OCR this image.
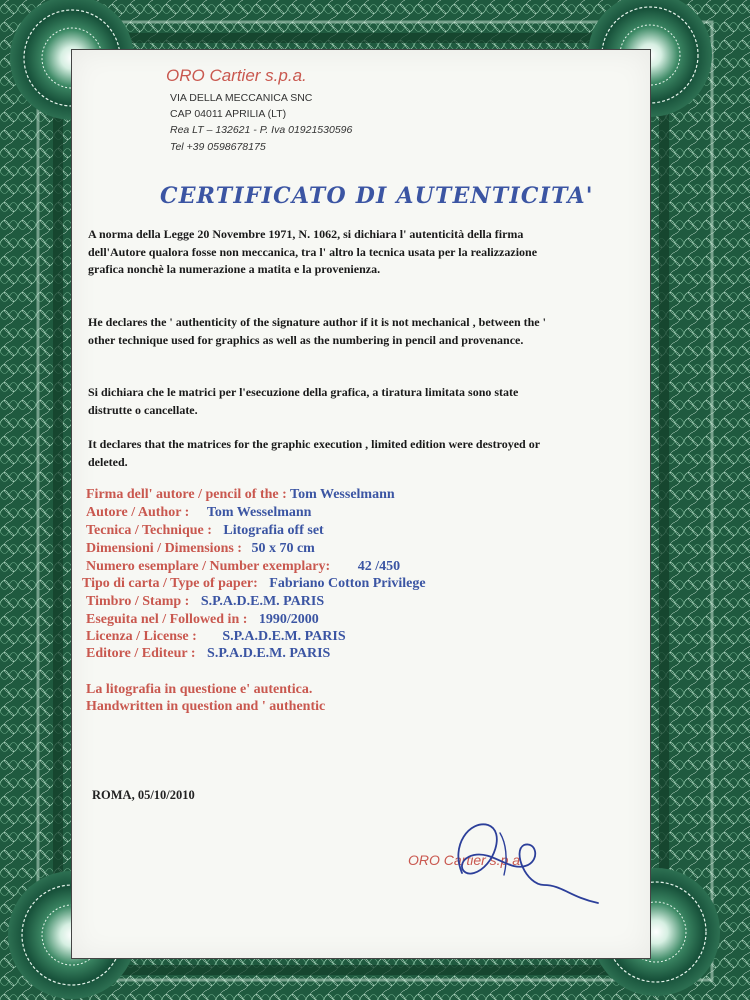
ORO Cartier s.p.a.

VIA DELLA MECCANICA SNC

CAP 04011 APRILIA (LT)

Rea LT – 132621 - P. Iva 01921530596

Tel +39 0598678175

CERTIFICATO DI AUTENTICITA'

A norma della Legge 20 Novembre 1971, N. 1062, si dichiara l' autenticità della firma dell'Autore qualora fosse non meccanica, tra l' altro la tecnica usata per la realizzazione grafica nonchè la numerazione a matita e la provenienza.

He declares the ' authenticity of the signature author if it is not mechanical , between the ' other technique used for graphics as well as the numbering in pencil and provenance.

Si dichiara che le matrici per l'esecuzione della grafica, a tiratura limitata sono state distrutte o cancellate.

It declares that the matrices for the graphic execution , limited edition were destroyed or deleted.

Firma dell' autore / pencil of the : Tom Wesselmann
Autore / Author : Tom Wesselmann
Tecnica / Technique : Litografia off set
Dimensioni / Dimensions : 50 x 70 cm
Numero esemplare / Number exemplary: 42 /450
Tipo di carta / Type of paper: Fabriano Cotton Privilege
Timbro / Stamp : S.P.A.D.E.M. PARIS
Eseguita nel / Followed in : 1990/2000
Licenza / License : S.P.A.D.E.M. PARIS
Editore / Editeur : S.P.A.D.E.M. PARIS

La litografia in questione e' autentica.

Handwritten in question and ' authentic

ROMA, 05/10/2010

ORO Cartier s.p.a.
